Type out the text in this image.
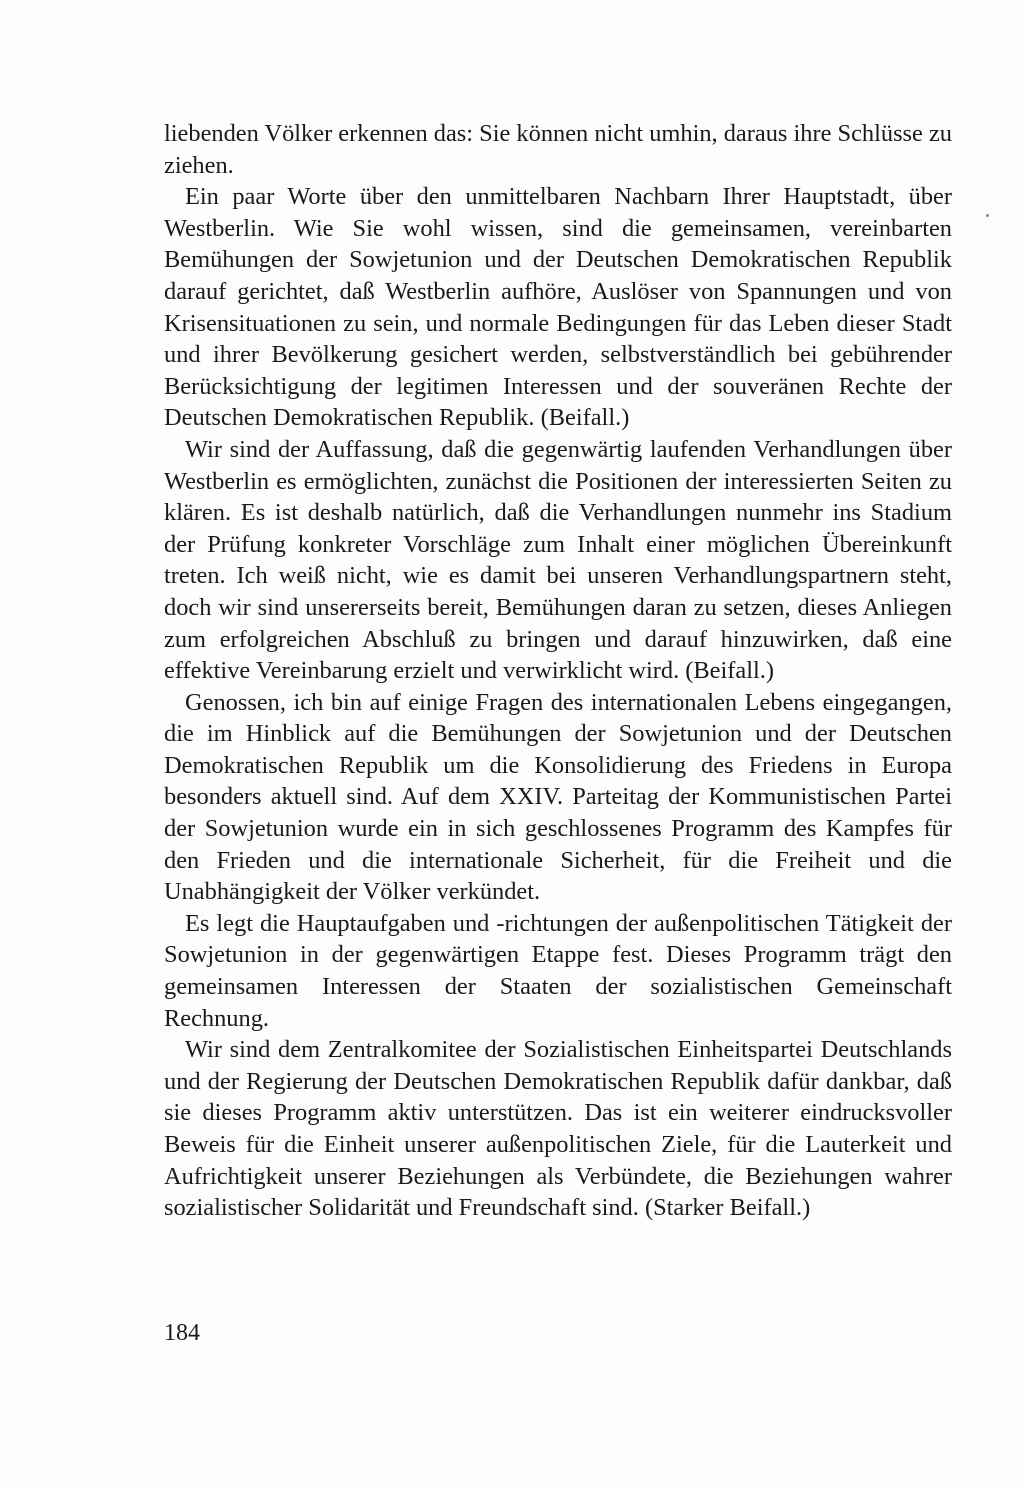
liebenden Völker erkennen das: Sie können nicht umhin, daraus ihre Schlüsse zu ziehen.

Ein paar Worte über den unmittelbaren Nachbarn Ihrer Hauptstadt, über Westberlin. Wie Sie wohl wissen, sind die gemeinsamen, vereinbarten Bemühungen der Sowjetunion und der Deutschen Demokratischen Republik darauf gerichtet, daß Westberlin aufhöre, Auslöser von Spannungen und von Krisensituationen zu sein, und normale Bedingungen für das Leben dieser Stadt und ihrer Bevölkerung gesichert werden, selbstverständlich bei gebührender Berücksichtigung der legitimen Interessen und der souveränen Rechte der Deutschen Demokratischen Republik. (Beifall.)

Wir sind der Auffassung, daß die gegenwärtig laufenden Verhandlungen über Westberlin es ermöglichten, zunächst die Positionen der interessierten Seiten zu klären. Es ist deshalb natürlich, daß die Verhandlungen nunmehr ins Stadium der Prüfung konkreter Vorschläge zum Inhalt einer möglichen Übereinkunft treten. Ich weiß nicht, wie es damit bei unseren Verhandlungspartnern steht, doch wir sind unsererseits bereit, Bemühungen daran zu setzen, dieses Anliegen zum erfolgreichen Abschluß zu bringen und darauf hinzuwirken, daß eine effektive Vereinbarung erzielt und verwirklicht wird. (Beifall.)

Genossen, ich bin auf einige Fragen des internationalen Lebens eingegangen, die im Hinblick auf die Bemühungen der Sowjetunion und der Deutschen Demokratischen Republik um die Konsolidierung des Friedens in Europa besonders aktuell sind. Auf dem XXIV. Parteitag der Kommunistischen Partei der Sowjetunion wurde ein in sich geschlossenes Programm des Kampfes für den Frieden und die internationale Sicherheit, für die Freiheit und die Unabhängigkeit der Völker verkündet.

Es legt die Hauptaufgaben und -richtungen der außenpolitischen Tätigkeit der Sowjetunion in der gegenwärtigen Etappe fest. Dieses Programm trägt den gemeinsamen Interessen der Staaten der sozialistischen Gemeinschaft Rechnung.

Wir sind dem Zentralkomitee der Sozialistischen Einheitspartei Deutschlands und der Regierung der Deutschen Demokratischen Republik dafür dankbar, daß sie dieses Programm aktiv unterstützen. Das ist ein weiterer eindrucksvoller Beweis für die Einheit unserer außenpolitischen Ziele, für die Lauterkeit und Aufrichtigkeit unserer Beziehungen als Verbündete, die Beziehungen wahrer sozialistischer Solidarität und Freundschaft sind. (Starker Beifall.)

184
